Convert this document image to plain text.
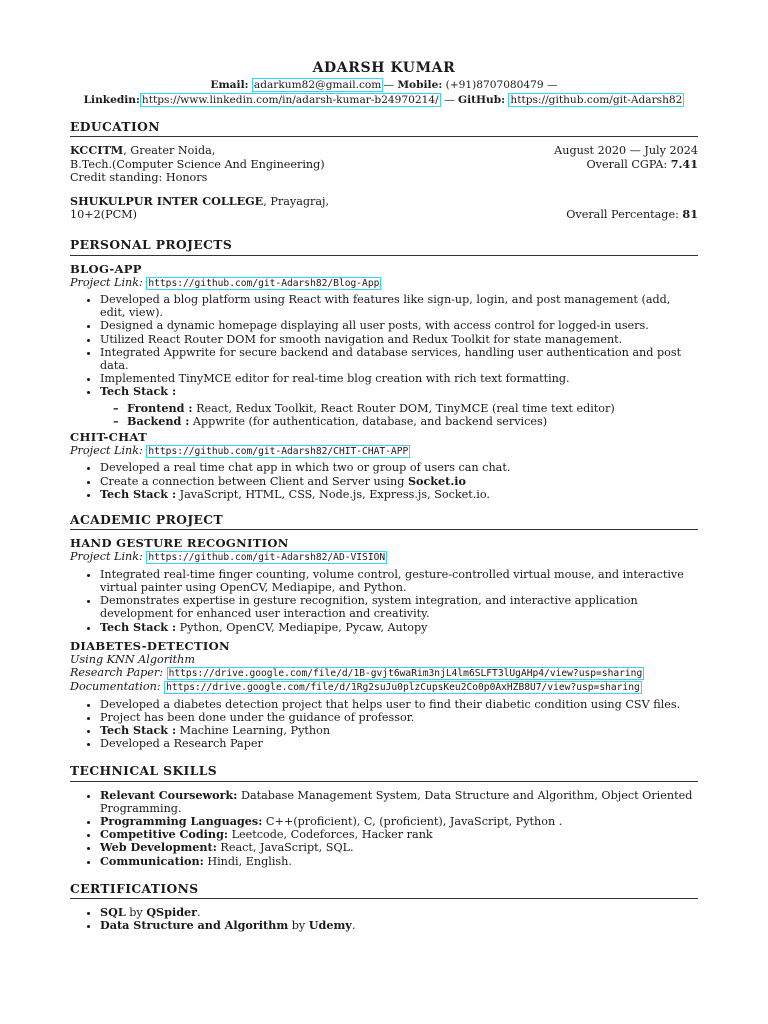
ADARSH KUMAR
Email: adarkum82@gmail.com — Mobile: (+91)8707080479 —
Linkedin: https://www.linkedin.com/in/adarsh-kumar-b24970214/ — GitHub: https://github.com/git-Adarsh82
EDUCATION
KCCITM, Greater Noida,	August 2020 — July 2024
B.Tech.(Computer Science And Engineering)	Overall CGPA: 7.41
Credit standing: Honors
SHUKULPUR INTER COLLEGE, Prayagraj,
10+2(PCM)	Overall Percentage: 81
PERSONAL PROJECTS
BLOG-APP
Project Link: https://github.com/git-Adarsh82/Blog-App
• Developed a blog platform using React with features like sign-up, login, and post management (add, edit, view).
• Designed a dynamic homepage displaying all user posts, with access control for logged-in users.
• Utilized React Router DOM for smooth navigation and Redux Toolkit for state management.
• Integrated Appwrite for secure backend and database services, handling user authentication and post data.
• Implemented TinyMCE editor for real-time blog creation with rich text formatting.
• Tech Stack :
– Frontend : React, Redux Toolkit, React Router DOM, TinyMCE (real time text editor)
– Backend : Appwrite (for authentication, database, and backend services)
CHIT-CHAT
Project Link: https://github.com/git-Adarsh82/CHIT-CHAT-APP
• Developed a real time chat app in which two or group of users can chat.
• Create a connection between Client and Server using Socket.io
• Tech Stack : JavaScript, HTML, CSS, Node.js, Express.js, Socket.io.
ACADEMIC PROJECT
HAND GESTURE RECOGNITION
Project Link: https://github.com/git-Adarsh82/AD-VISION
• Integrated real-time finger counting, volume control, gesture-controlled virtual mouse, and interactive virtual painter using OpenCV, Mediapipe, and Python.
• Demonstrates expertise in gesture recognition, system integration, and interactive application development for enhanced user interaction and creativity.
• Tech Stack : Python, OpenCV, Mediapipe, Pycaw, Autopy
DIABETES-DETECTION
Using KNN Algorithm
Research Paper: https://drive.google.com/file/d/1B-gvjt6waRim3njL4lm6SLFT3lUgAHp4/view?usp=sharing
Documentation: https://drive.google.com/file/d/1Rg2suJu0plzCupsKeu2Co0p0AxHZB8U7/view?usp=sharing
• Developed a diabetes detection project that helps user to find their diabetic condition using CSV files.
• Project has been done under the guidance of professor.
• Tech Stack : Machine Learning, Python
• Developed a Research Paper
TECHNICAL SKILLS
• Relevant Coursework: Database Management System, Data Structure and Algorithm, Object Oriented Programming.
• Programming Languages: C++(proficient), C, (proficient), JavaScript, Python .
• Competitive Coding: Leetcode, Codeforces, Hacker rank
• Web Development: React, JavaScript, SQL.
• Communication: Hindi, English.
CERTIFICATIONS
• SQL by QSpider.
• Data Structure and Algorithm by Udemy.
